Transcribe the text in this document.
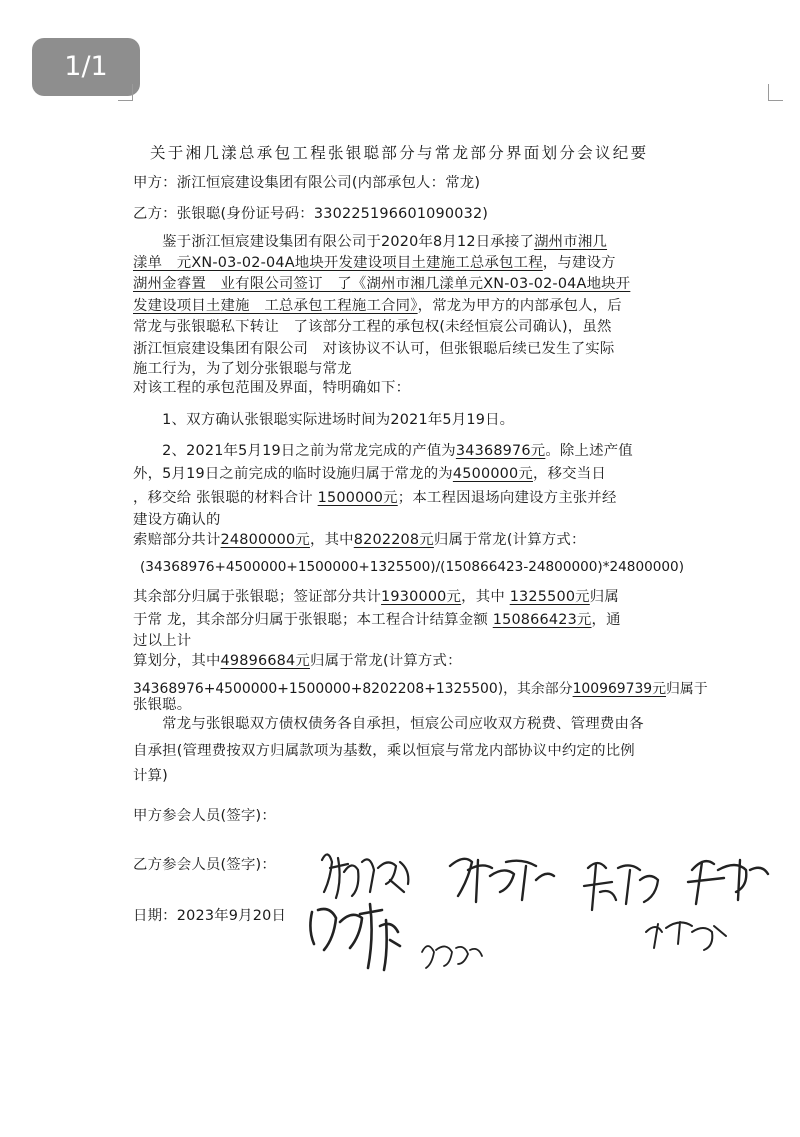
1/1
关于湘几漾总承包工程张银聪部分与常龙部分界面划分会议纪要
甲方：浙江恒宸建设集团有限公司(内部承包人：常龙)
乙方：张银聪(身份证号码：330225196601090032)
　　鉴于浙江恒宸建设集团有限公司于2020年8月12日承接了湖州市湘几
漾单　元XN-03-02-04A地块开发建设项目土建施工总承包工程，与建设方
湖州金睿置　业有限公司签订　了《湖州市湘几漾单元XN-03-02-04A地块开
发建设项目土建施　工总承包工程施工合同》，常龙为甲方的内部承包人，后
常龙与张银聪私下转让　了该部分工程的承包权(未经恒宸公司确认)，虽然
浙江恒宸建设集团有限公司　对该协议不认可，但张银聪后续已发生了实际
施工行为，为了划分张银聪与常龙
对该工程的承包范围及界面，特明确如下：
　　1、双方确认张银聪实际进场时间为2021年5月19日。
　　2、2021年5月19日之前为常龙完成的产值为34368976元。除上述产值
外，5月19日之前完成的临时设施归属于常龙的为4500000元，移交当日
，移交给 张银聪的材料合计 1500000元；本工程因退场向建设方主张并经
建设方确认的
索赔部分共计24800000元，其中8202208元归属于常龙(计算方式：
(34368976+4500000+1500000+1325500)/(150866423-24800000)*24800000)
其余部分归属于张银聪；签证部分共计1930000元，其中 1325500元归属
于常 龙，其余部分归属于张银聪；本工程合计结算金额 150866423元，通
过以上计
算划分，其中49896684元归属于常龙(计算方式：
34368976+4500000+1500000+8202208+1325500)，其余部分100969739元归属于
张银聪。
　　常龙与张银聪双方债权债务各自承担，恒宸公司应收双方税费、管理费由各
自承担(管理费按双方归属款项为基数，乘以恒宸与常龙内部协议中约定的比例
计算)
甲方参会人员(签字)：
乙方参会人员(签字)：
日期：2023年9月20日
